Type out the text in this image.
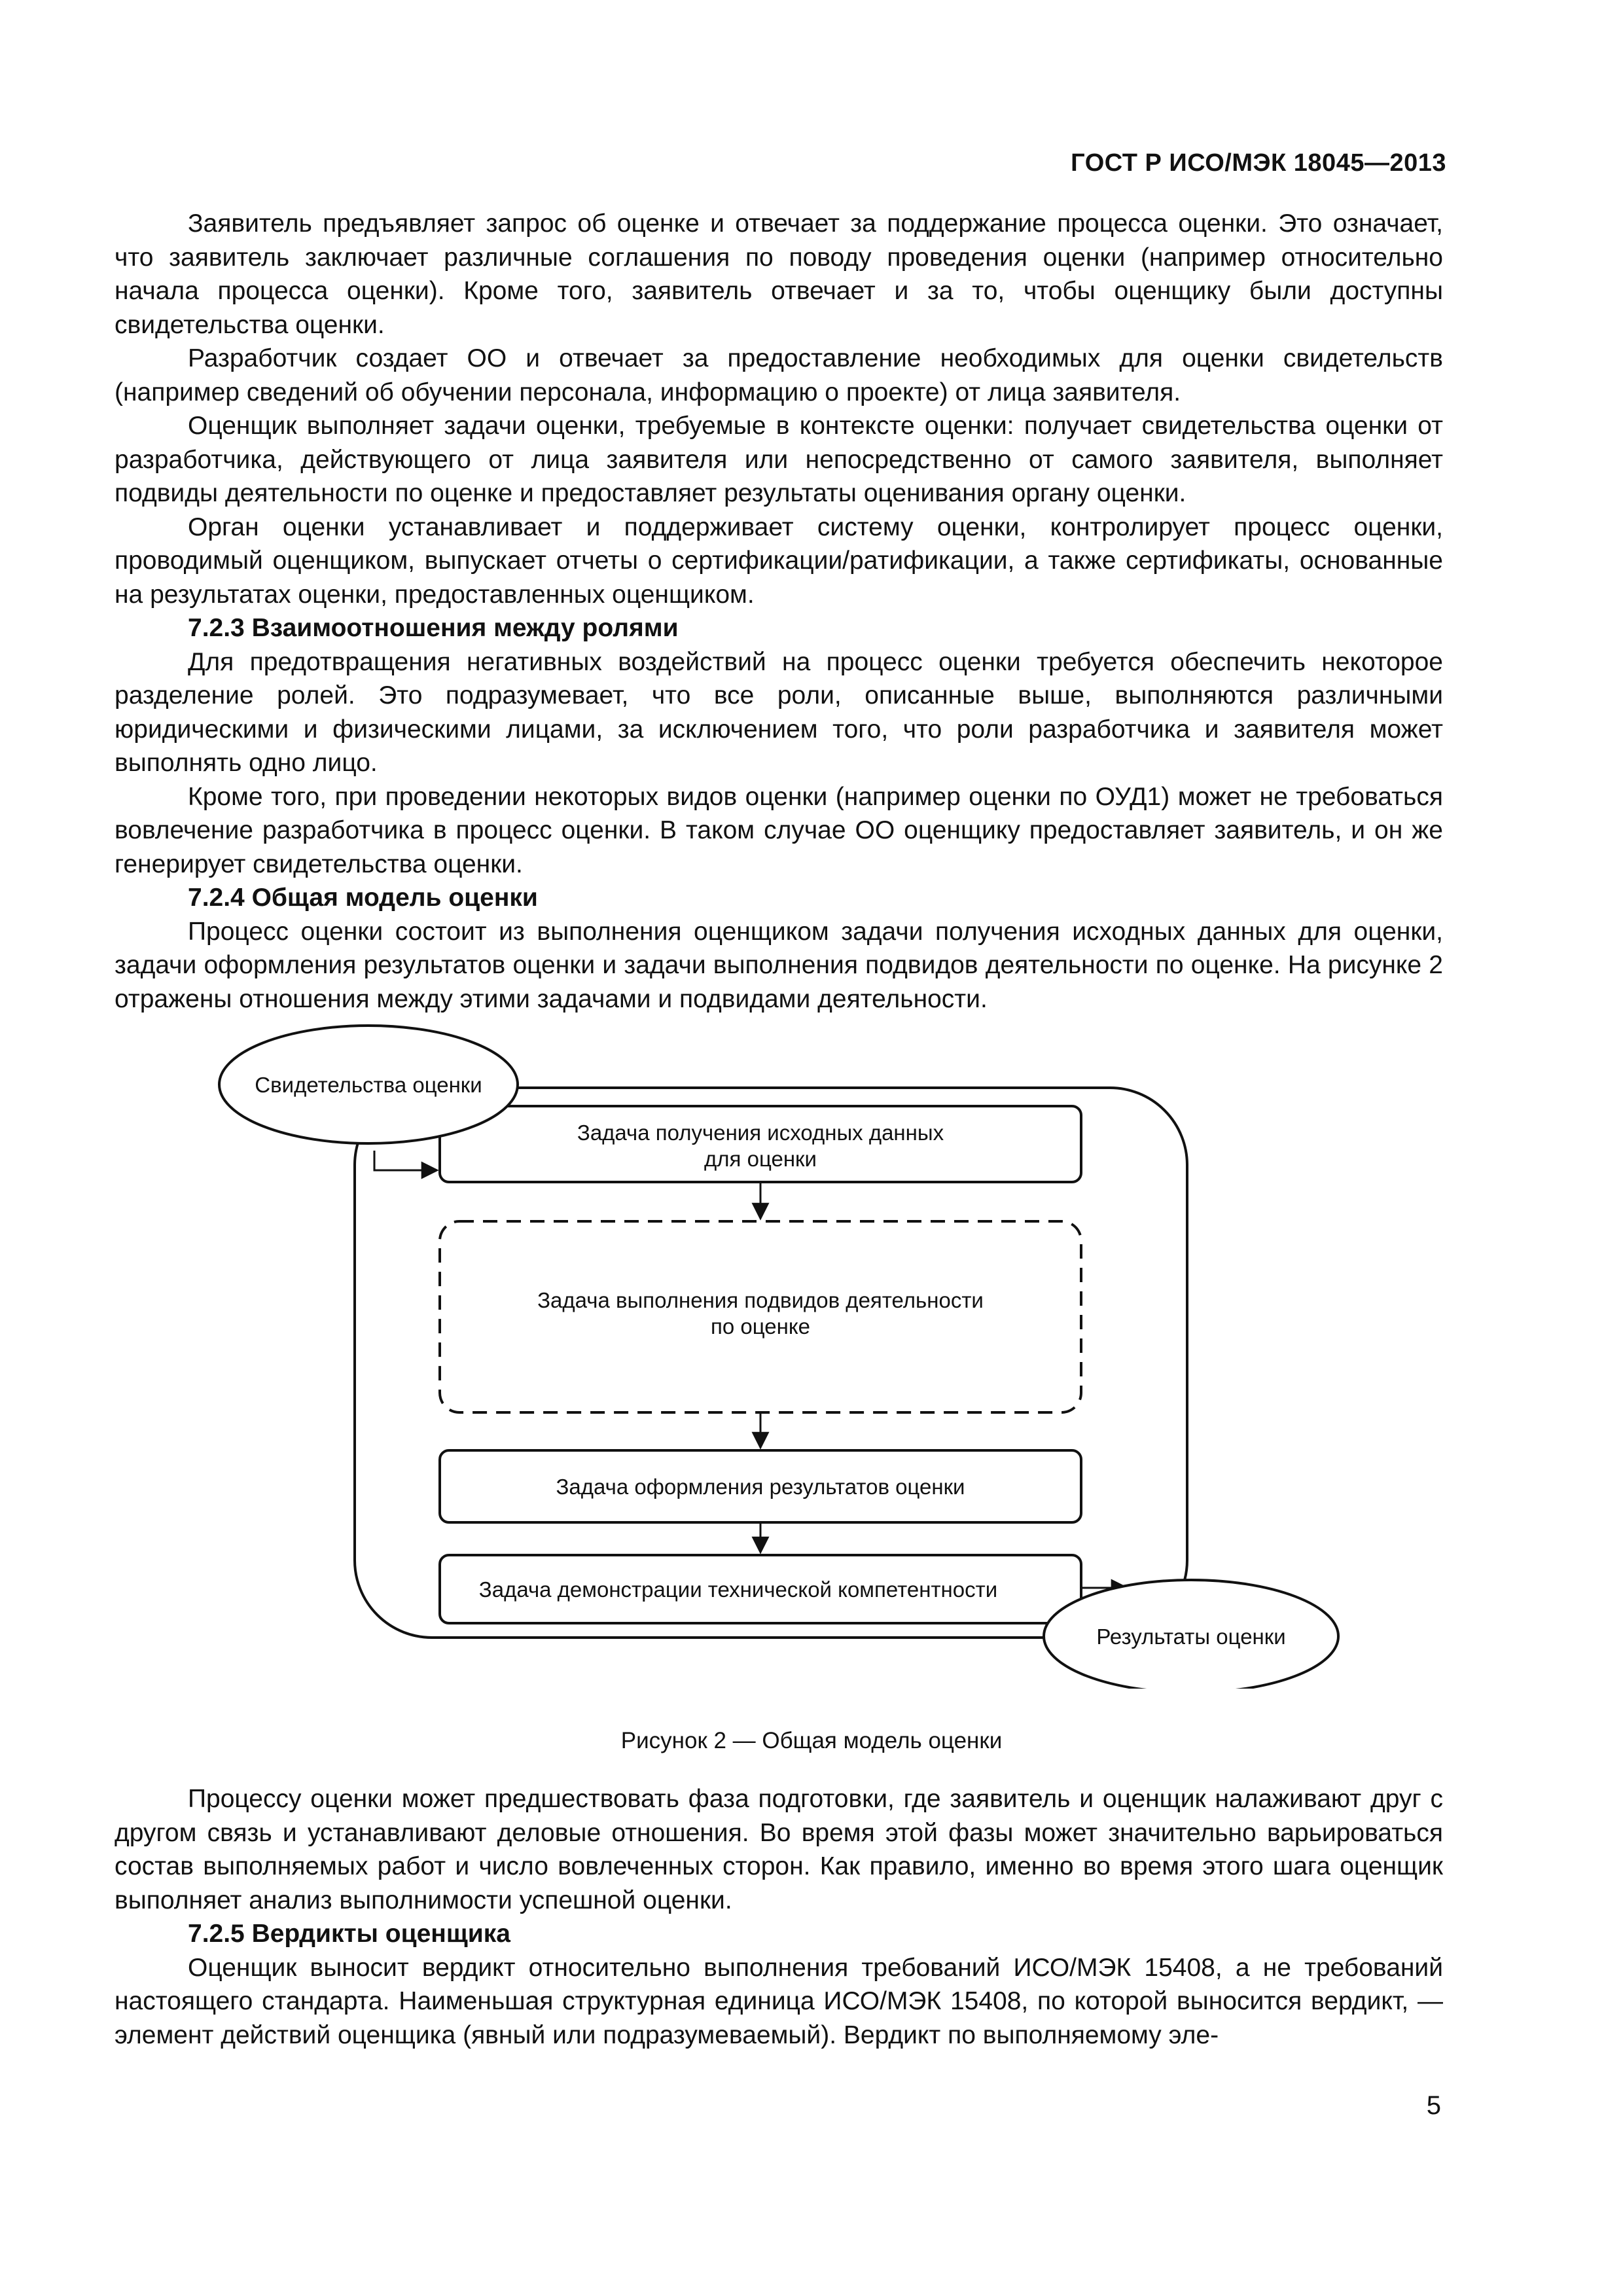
ГОСТ Р ИСО/МЭК 18045—2013

Заявитель предъявляет запрос об оценке и отвечает за поддержание процесса оценки. Это означает, что заявитель заключает различные соглашения по поводу проведения оценки (например относительно начала процесса оценки). Кроме того, заявитель отвечает и за то, чтобы оценщику были доступны свидетельства оценки.

Разработчик создает ОО и отвечает за предоставление необходимых для оценки свидетельств (например сведений об обучении персонала, информацию о проекте) от лица заявителя.

Оценщик выполняет задачи оценки, требуемые в контексте оценки: получает свидетельства оценки от разработчика, действующего от лица заявителя или непосредственно от самого заявителя, выполняет подвиды деятельности по оценке и предоставляет результаты оценивания органу оценки.

Орган оценки устанавливает и поддерживает систему оценки, контролирует процесс оценки, проводимый оценщиком, выпускает отчеты о сертификации/ратификации, а также сертификаты, основанные на результатах оценки, предоставленных оценщиком.

7.2.3 Взаимоотношения между ролями

Для предотвращения негативных воздействий на процесс оценки требуется обеспечить некоторое разделение ролей. Это подразумевает, что все роли, описанные выше, выполняются различными юридическими и физическими лицами, за исключением того, что роли разработчика и заявителя может выполнять одно лицо.

Кроме того, при проведении некоторых видов оценки (например оценки по ОУД1) может не требоваться вовлечение разработчика в процесс оценки. В таком случае ОО оценщику предоставляет заявитель, и он же генерирует свидетельства оценки.

7.2.4 Общая модель оценки

Процесс оценки состоит из выполнения оценщиком задачи получения исходных данных для оценки, задачи оформления результатов оценки и задачи выполнения подвидов деятельности по оценке. На рисунке 2 отражены отношения между этими задачами и подвидами деятельности.

Задача получения исходных данных
для оценки
Задача выполнения подвидов деятельности
по оценке
Задача оформления результатов оценки
Задача демонстрации технической компетентности
Свидетельства оценки
Результаты оценки
Рисунок 2 — Общая модель оценки

Процессу оценки может предшествовать фаза подготовки, где заявитель и оценщик налаживают друг с другом связь и устанавливают деловые отношения. Во время этой фазы может значительно варьироваться состав выполняемых работ и число вовлеченных сторон. Как правило, именно во время этого шага оценщик выполняет анализ выполнимости успешной оценки.

7.2.5 Вердикты оценщика

Оценщик выносит вердикт относительно выполнения требований ИСО/МЭК 15408, а не требований настоящего стандарта. Наименьшая структурная единица ИСО/МЭК 15408, по которой выносится вердикт, — элемент действий оценщика (явный или подразумеваемый). Вердикт по выполняемому эле-

5
